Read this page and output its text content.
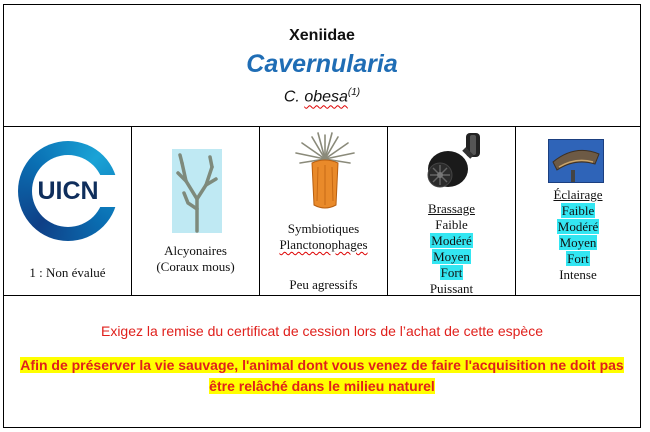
Xeniidae
Cavernularia
C. obesa$^{(1)}$
UICN
1 : Non évalué
Alcyonaires
(Coraux mous)
Symbiotiques
Planctonophages
Peu agressifs
Brassage
Faible
Modéré
Moyen
Fort
Puissant
Éclairage
Faible
Modéré
Moyen
Fort
Intense
Exigez la remise du certificat de cession lors de l’achat de cette espèce
Afin de préserver la vie sauvage, l'animal dont vous venez de faire l'acquisition ne doit pas être relâché dans le milieu naturel
